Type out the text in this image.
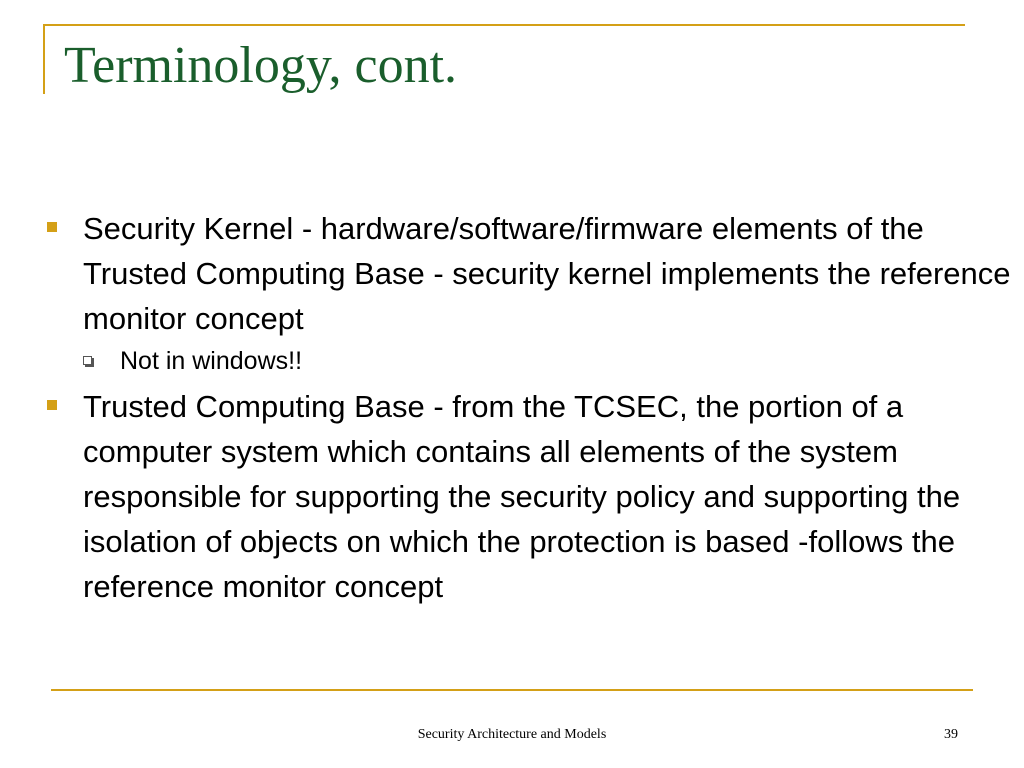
Terminology, cont.
Security Kernel - hardware/software/firmware elements of the Trusted Computing Base - security kernel implements the reference monitor concept
Not in windows!!
Trusted Computing Base - from the TCSEC, the portion of a computer system which contains all elements of the system responsible for supporting the security policy and supporting the isolation of objects on which the protection is based -follows the reference monitor concept
Security Architecture and Models	39
